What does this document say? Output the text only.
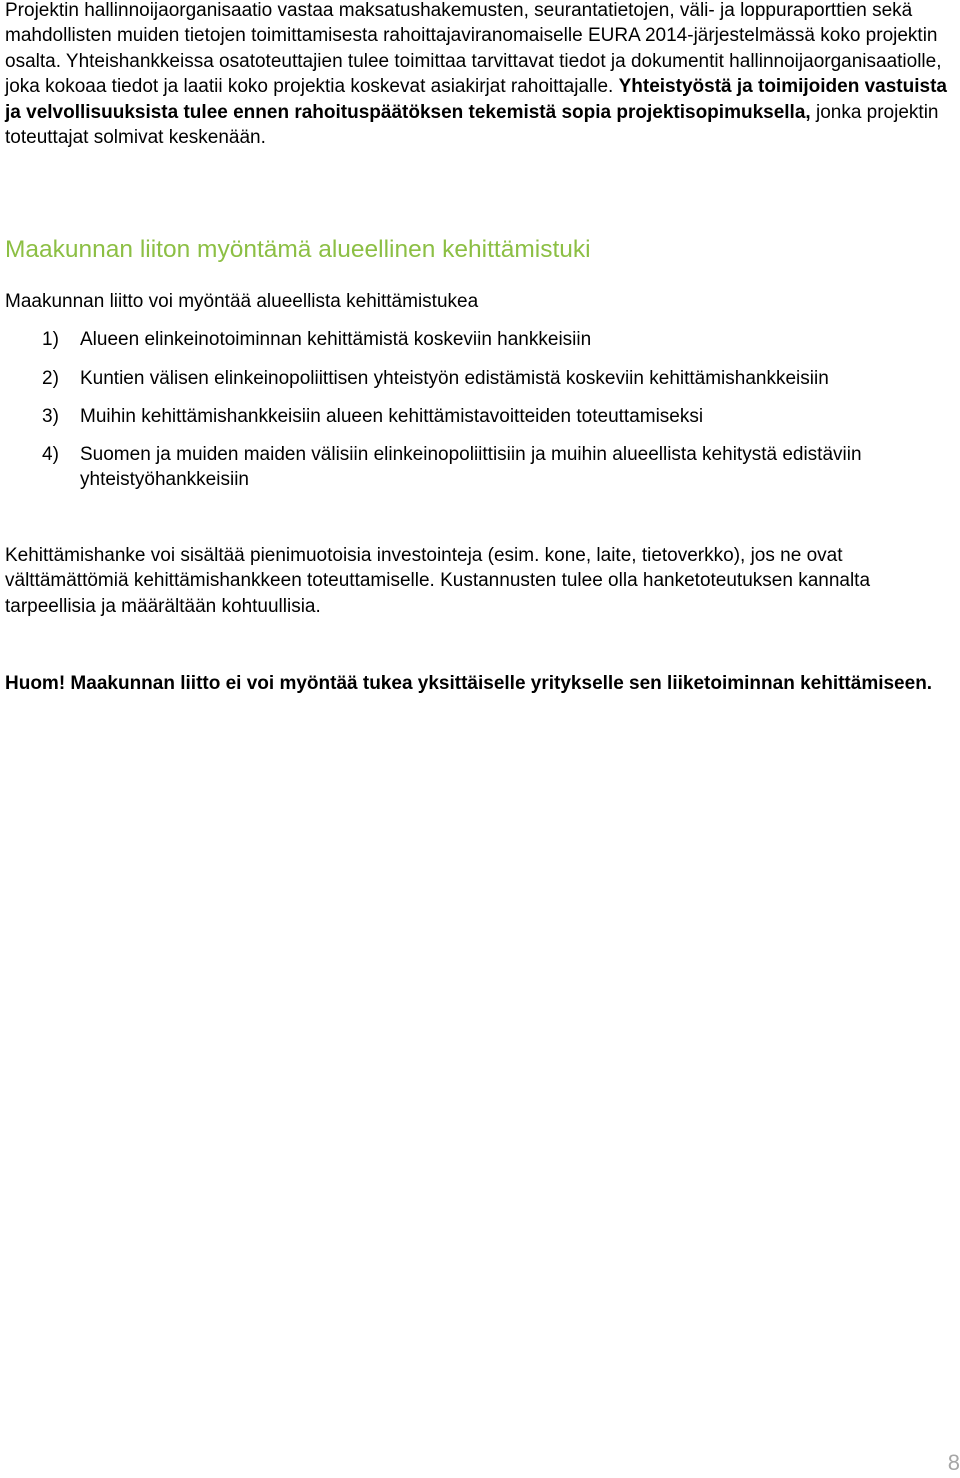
Projektin hallinnoijaorganisaatio vastaa maksatushakemusten, seurantatietojen, väli- ja loppuraporttien sekä mahdollisten muiden tietojen toimittamisesta rahoittajaviranomaiselle EURA 2014-järjestelmässä koko projektin osalta. Yhteishankkeissa osatoteuttajien tulee toimittaa tarvittavat tiedot ja dokumentit hallinnoijaorganisaatiolle, joka kokoaa tiedot ja laatii koko projektia koskevat asiakirjat rahoittajalle. Yhteistyöstä ja toimijoiden vastuista ja velvollisuuksista tulee ennen rahoituspäätöksen tekemistä sopia projektisopimuksella, jonka projektin toteuttajat solmivat keskenään.

Maakunnan liiton myöntämä alueellinen kehittämistuki

Maakunnan liitto voi myöntää alueellista kehittämistukea

1) Alueen elinkeinotoiminnan kehittämistä koskeviin hankkeisiin
2) Kuntien välisen elinkeinopoliittisen yhteistyön edistämistä koskeviin kehittämishankkeisiin
3) Muihin kehittämishankkeisiin alueen kehittämistavoitteiden toteuttamiseksi
4) Suomen ja muiden maiden välisiin elinkeinopoliittisiin ja muihin alueellista kehitystä edistäviin yhteistyöhankkeisiin

Kehittämishanke voi sisältää pienimuotoisia investointeja (esim. kone, laite, tietoverkko), jos ne ovat välttämättömiä kehittämishankkeen toteuttamiselle. Kustannusten tulee olla hanketoteutuksen kannalta tarpeellisia ja määrältään kohtuullisia.

Huom! Maakunnan liitto ei voi myöntää tukea yksittäiselle yritykselle sen liiketoiminnan kehittämiseen.

8
